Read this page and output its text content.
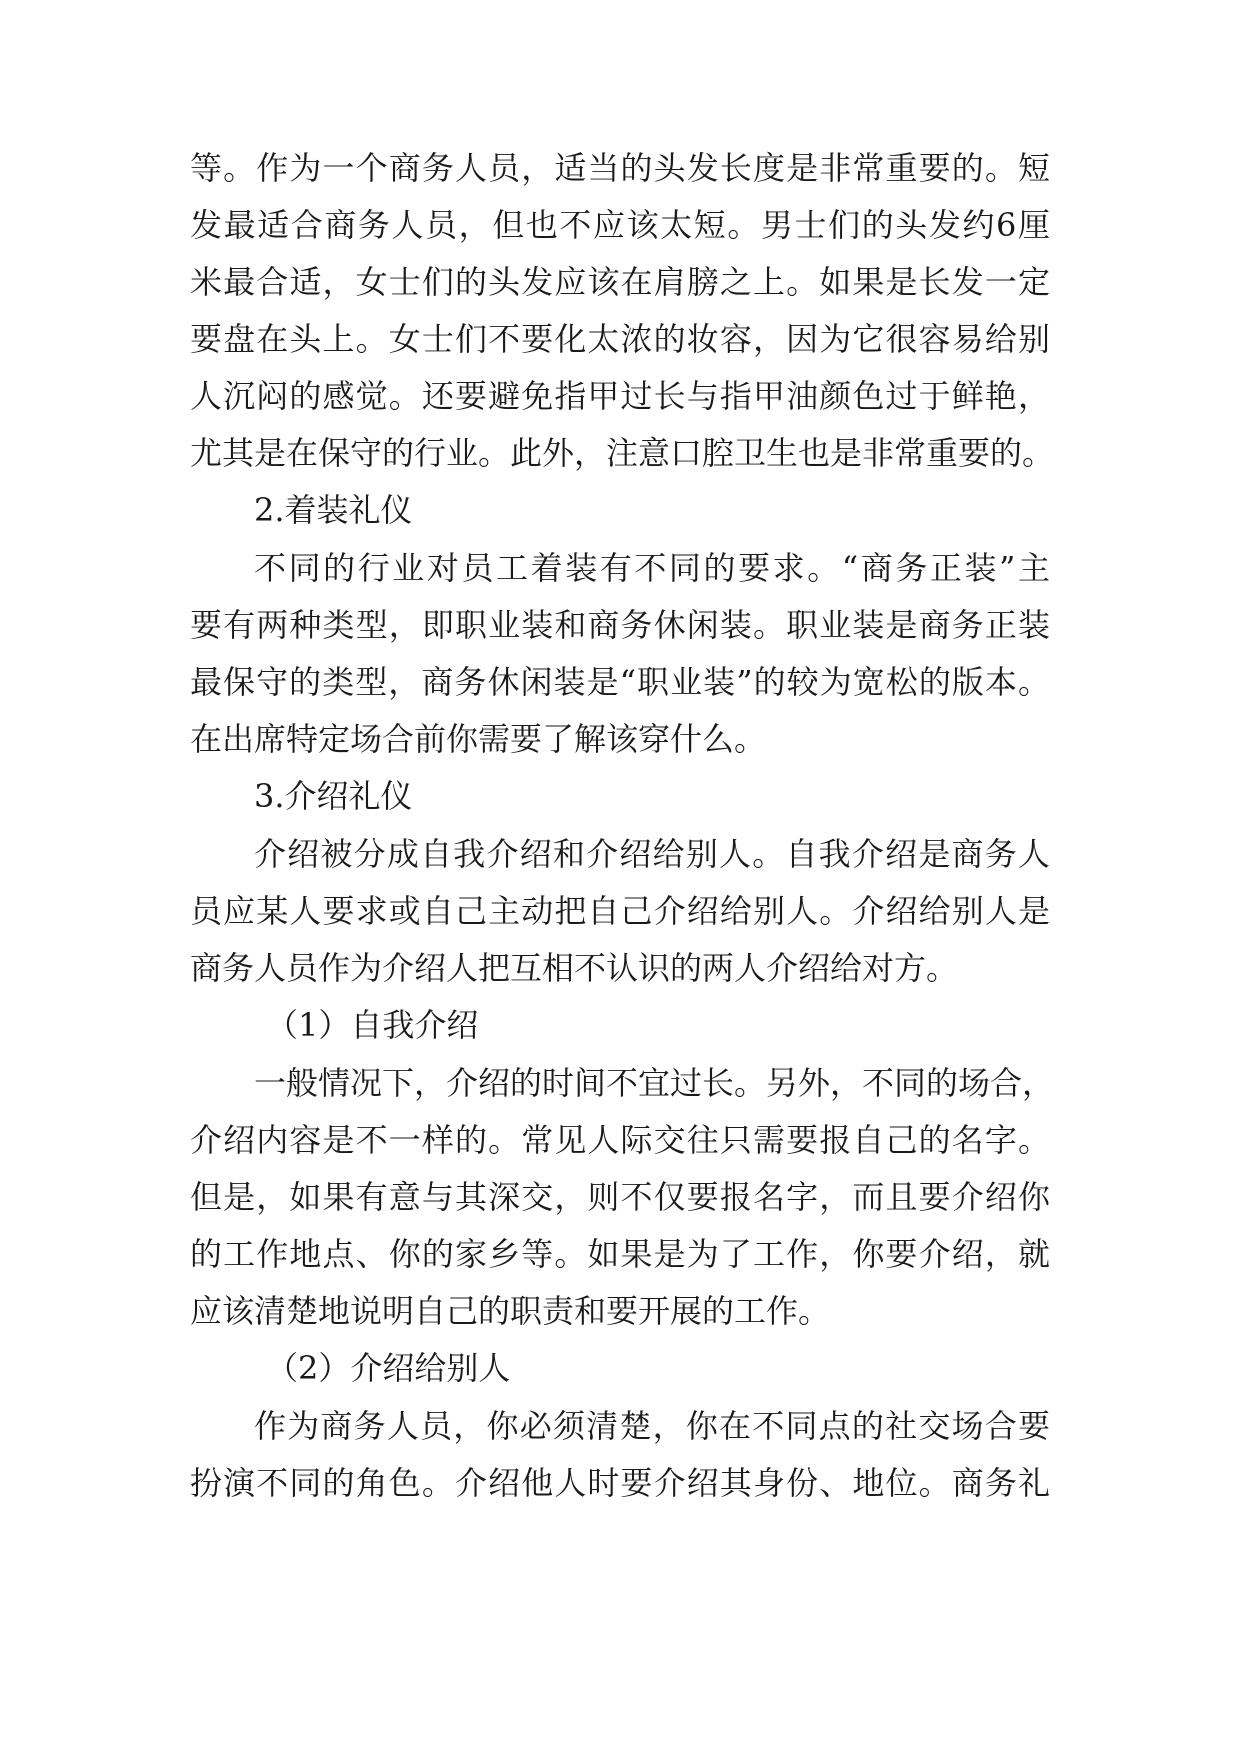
等。作为一个商务人员，适当的头发长度是非常重要的。短
发最适合商务人员，但也不应该太短。男士们的头发约6厘
米最合适，女士们的头发应该在肩膀之上。如果是长发一定
要盘在头上。女士们不要化太浓的妆容，因为它很容易给别
人沉闷的感觉。还要避免指甲过长与指甲油颜色过于鲜艳，
尤其是在保守的行业。此外，注意口腔卫生也是非常重要的。
2.着装礼仪
不同的行业对员工着装有不同的要求。“商务正装”主
要有两种类型，即职业装和商务休闲装。职业装是商务正装
最保守的类型，商务休闲装是“职业装”的较为宽松的版本。
在出席特定场合前你需要了解该穿什么。
3.介绍礼仪
介绍被分成自我介绍和介绍给别人。自我介绍是商务人
员应某人要求或自己主动把自己介绍给别人。介绍给别人是
商务人员作为介绍人把互相不认识的两人介绍给对方。
（1）自我介绍
一般情况下，介绍的时间不宜过长。另外，不同的场合，
介绍内容是不一样的。常见人际交往只需要报自己的名字。
但是，如果有意与其深交，则不仅要报名字，而且要介绍你
的工作地点、你的家乡等。如果是为了工作，你要介绍，就
应该清楚地说明自己的职责和要开展的工作。
（2）介绍给别人
作为商务人员，你必须清楚，你在不同点的社交场合要
扮演不同的角色。介绍他人时要介绍其身份、地位。商务礼
